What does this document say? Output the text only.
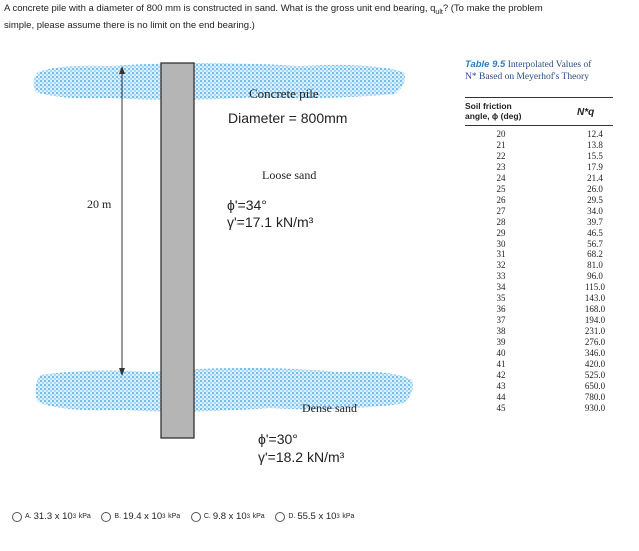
A concrete pile with a diameter of 800 mm is constructed in sand. What is the gross unit end bearing, $q_{ult}$? (To make the problem
simple, please assume there is no limit on the end bearing.)
Concrete pile
Diameter = 800mm
20 m
Loose sand
ϕ'=34°
γ'=17.1 kN/m³
Dense sand
ϕ'=30°
γ'=18.2 kN/m³
Table 9.5 Interpolated Values of
N* Based on Meyerhof's Theory
Soil friction
angle, ϕ (deg)	N*q
20	12.4
21	13.8
22	15.5
23	17.9
24	21.4
25	26.0
26	29.5
27	34.0
28	39.7
29	46.5
30	56.7
31	68.2
32	81.0
33	96.0
34	115.0
35	143.0
36	168.0
37	194.0
38	231.0
39	276.0
40	346.0
41	420.0
42	525.0
43	650.0
44	780.0
45	930.0
A. 31.3 x 10 3
kPa
	B. 19.4 x 10 3
kPa
	C. 9.8 x 10 3
kPa
	D. 55.5 x 10 3
kPa
